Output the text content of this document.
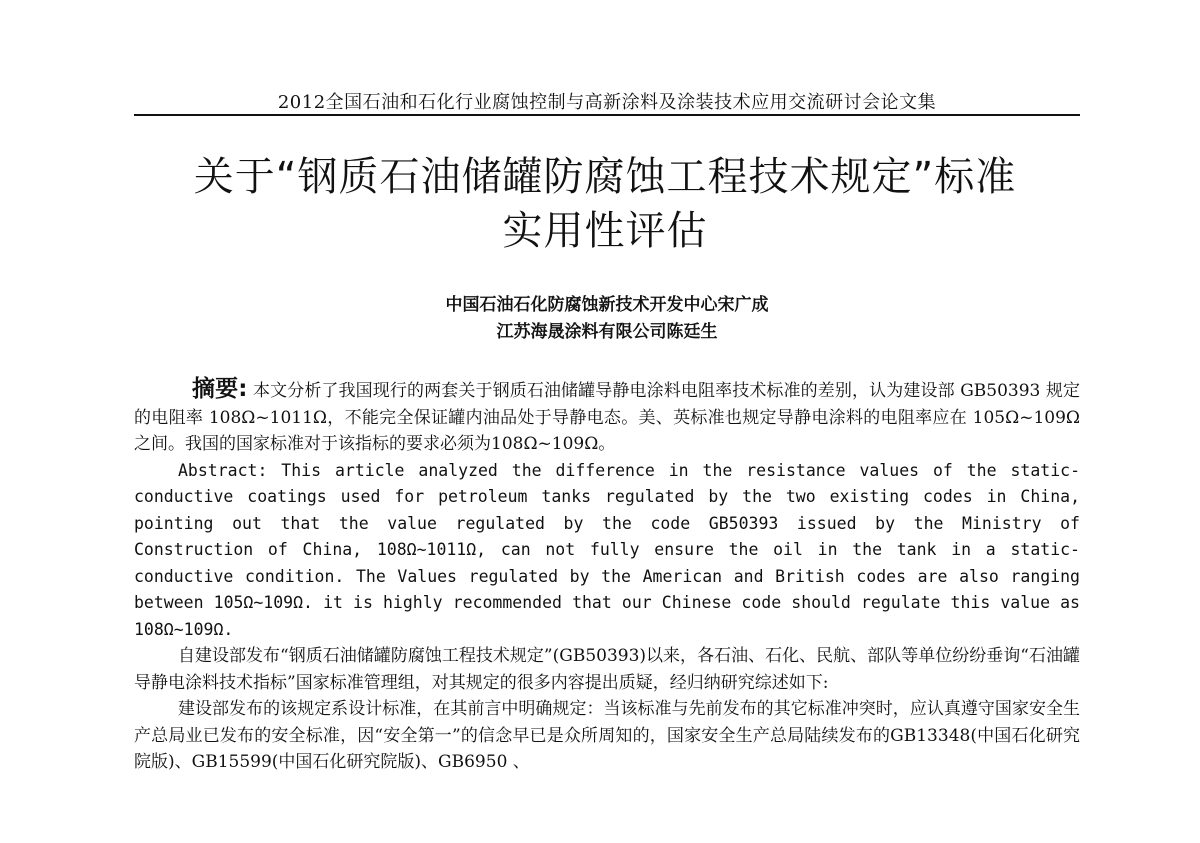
2012全国石油和石化行业腐蚀控制与高新涂料及涂装技术应用交流研讨会论文集
关于“钢质石油储罐防腐蚀工程技术规定”标准
实用性评估
中国石油石化防腐蚀新技术开发中心宋广成
江苏海晟涂料有限公司陈廷生

摘要: 本文分析了我国现行的两套关于钢质石油储罐导静电涂料电阻率技术标准的差别，认为建设部 GB50393 规定的电阻率 108Ω~1011Ω，不能完全保证罐内油品处于导静电态。美、英标准也规定导静电涂料的电阻率应在 105Ω~109Ω 之间。我国的国家标准对于该指标的要求必须为108Ω~109Ω。

Abstract: This article analyzed the difference in the resistance values of the static-conductive coatings used for petroleum tanks regulated by the two existing codes in China, pointing out that the value regulated by the code GB50393 issued by the Ministry of Construction of China, 108Ω~1011Ω, can not fully ensure the oil in the tank in a static-conductive condition. The Values regulated by the American and British codes are also ranging between 105Ω~109Ω. it is highly recommended that our Chinese code should regulate this value as 108Ω~109Ω.

自建设部发布“钢质石油储罐防腐蚀工程技术规定”(GB50393)以来，各石油、石化、民航、部队等单位纷纷垂询“石油罐导静电涂料技术指标”国家标准管理组，对其规定的很多内容提出质疑，经归纳研究综述如下:

建设部发布的该规定系设计标准，在其前言中明确规定：当该标准与先前发布的其它标准冲突时，应认真遵守国家安全生产总局业已发布的安全标准，因“安全第一”的信念早已是众所周知的，国家安全生产总局陆续发布的GB13348(中国石化研究院版)、GB15599(中国石化研究院版)、GB6950 、
